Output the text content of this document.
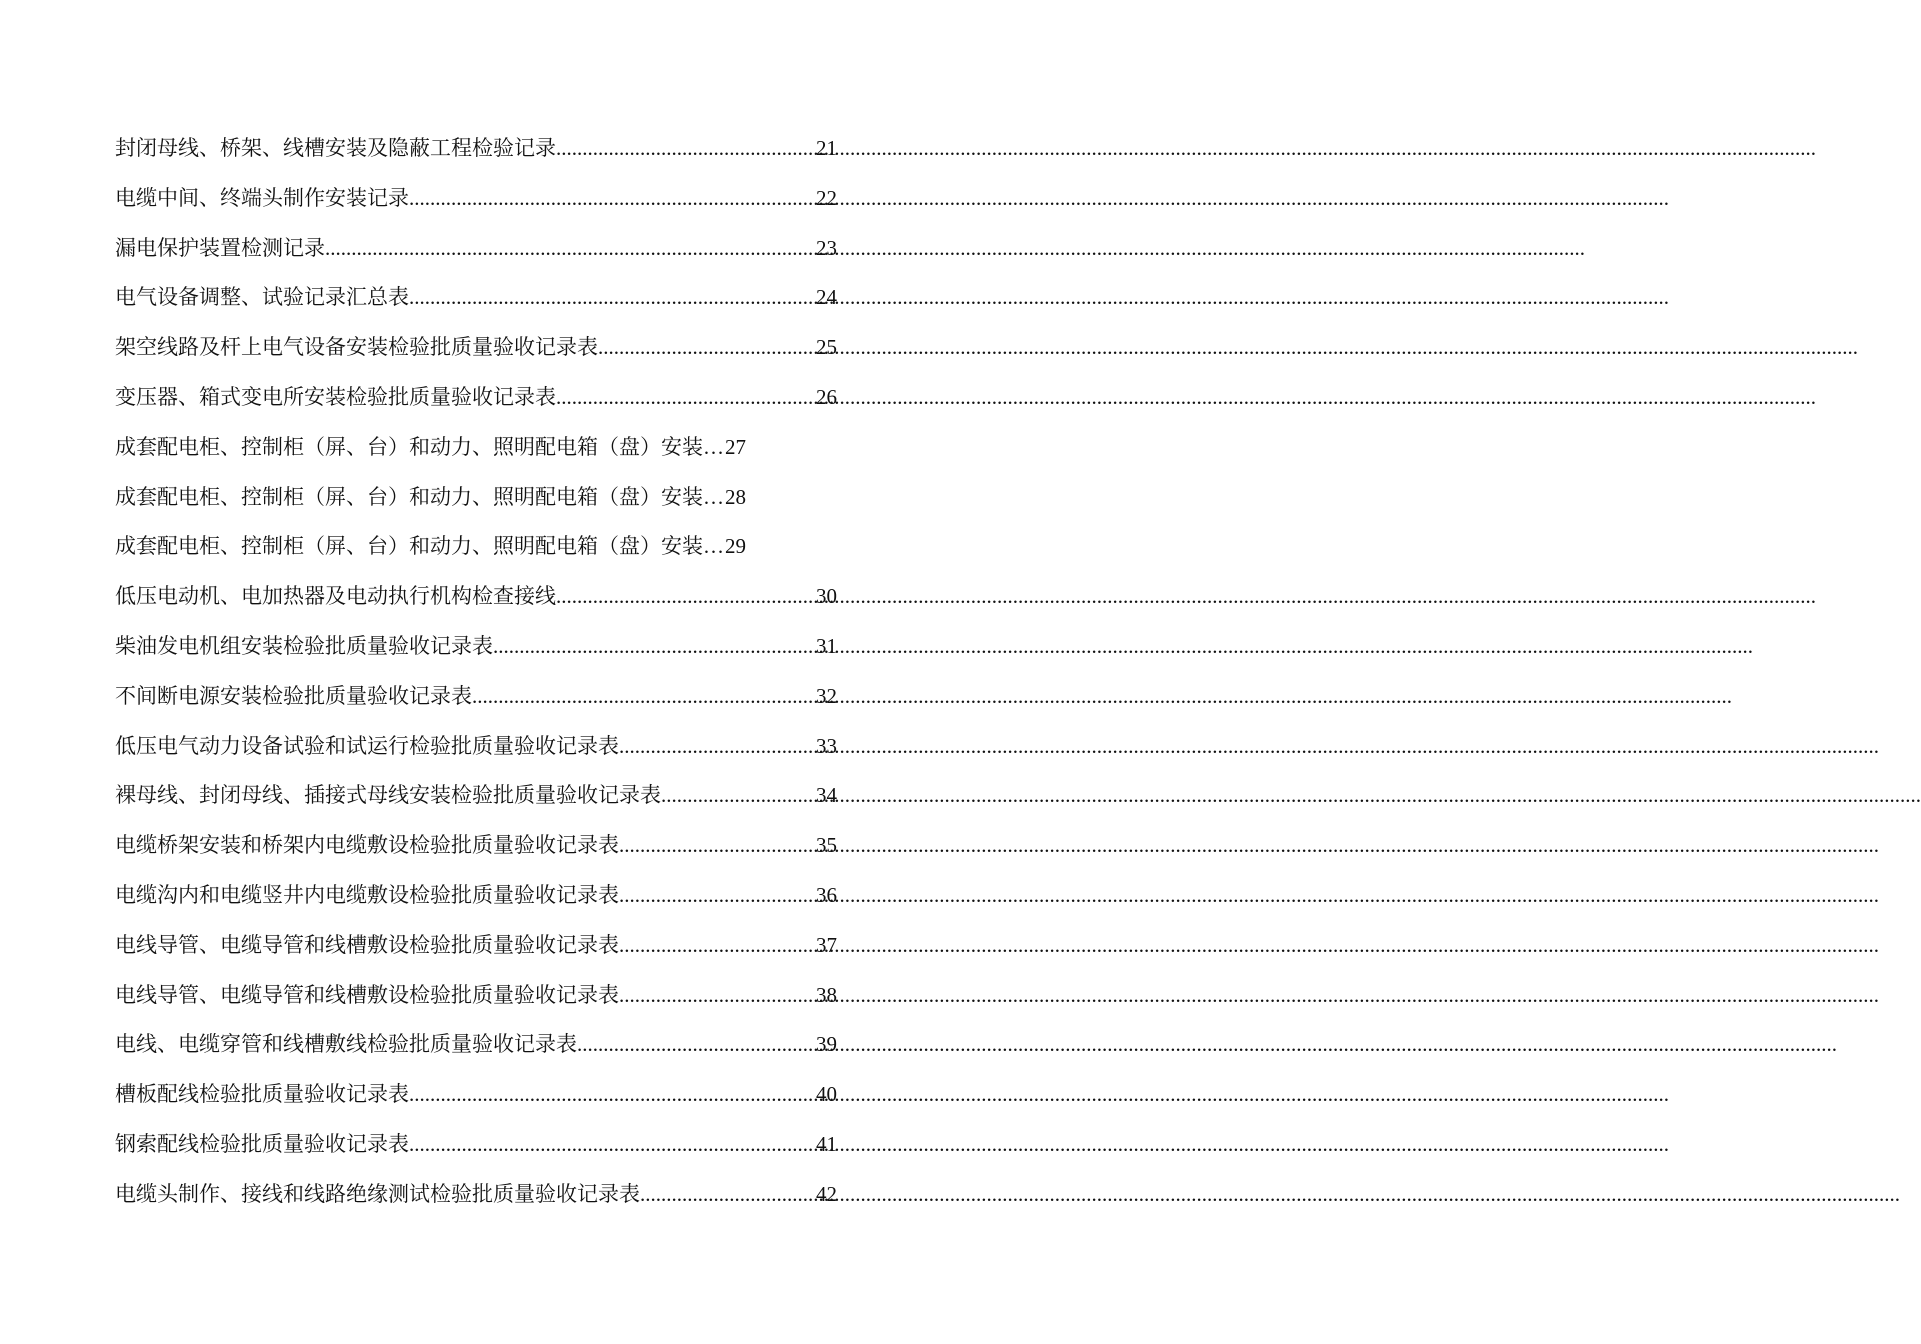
封闭母线、桥架、线槽安装及隐蔽工程检验记录 .....	21
电缆中间、终端头制作安装记录 .....	22
漏电保护装置检测记录 .....	23
电气设备调整、试验记录汇总表 .....	24
架空线路及杆上电气设备安装检验批质量验收记录表 .....	25
变压器、箱式变电所安装检验批质量验收记录表 .....	26
成套配电柜、控制柜（屏、台）和动力、照明配电箱（盘）安装 … 27
成套配电柜、控制柜（屏、台）和动力、照明配电箱（盘）安装 … 28
成套配电柜、控制柜（屏、台）和动力、照明配电箱（盘）安装 … 29
低压电动机、电加热器及电动执行机构检查接线 .....	30
柴油发电机组安装检验批质量验收记录表 .....	31
不间断电源安装检验批质量验收记录表 .....	32
低压电气动力设备试验和试运行检验批质量验收记录表 .....	33
裸母线、封闭母线、插接式母线安装检验批质量验收记录表 .....	34
电缆桥架安装和桥架内电缆敷设检验批质量验收记录表 .....	35
电缆沟内和电缆竖井内电缆敷设检验批质量验收记录表 .....	36
电线导管、电缆导管和线槽敷设检验批质量验收记录表 .....	37
电线导管、电缆导管和线槽敷设检验批质量验收记录表 .....	38
电线、电缆穿管和线槽敷线检验批质量验收记录表 .....	39
槽板配线检验批质量验收记录表 .....	40
钢索配线检验批质量验收记录表 .....	41
电缆头制作、接线和线路绝缘测试检验批质量验收记录表 .....	42
